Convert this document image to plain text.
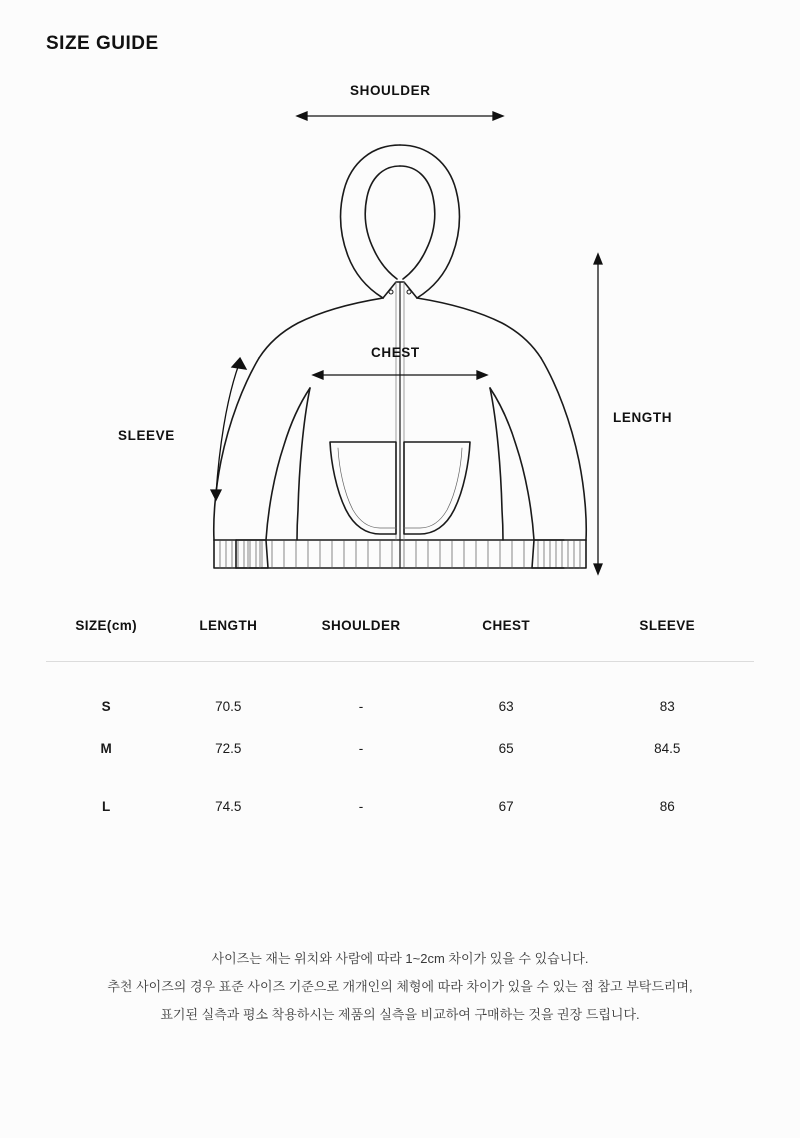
SIZE GUIDE
SHOULDER
CHEST
SLEEVE
LENGTH
SIZE(cm)	LENGTH	SHOULDER	CHEST	SLEEVE
S	70.5	-	63	83
M	72.5	-	65	84.5
L	74.5	-	67	86

사이즈는 재는 위치와 사람에 따라 1~2cm 차이가 있을 수 있습니다.

추천 사이즈의 경우 표준 사이즈 기준으로 개개인의 체형에 따라 차이가 있을 수 있는 점 참고 부탁드리며,

표기된 실측과 평소 착용하시는 제품의 실측을 비교하여 구매하는 것을 권장 드립니다.
